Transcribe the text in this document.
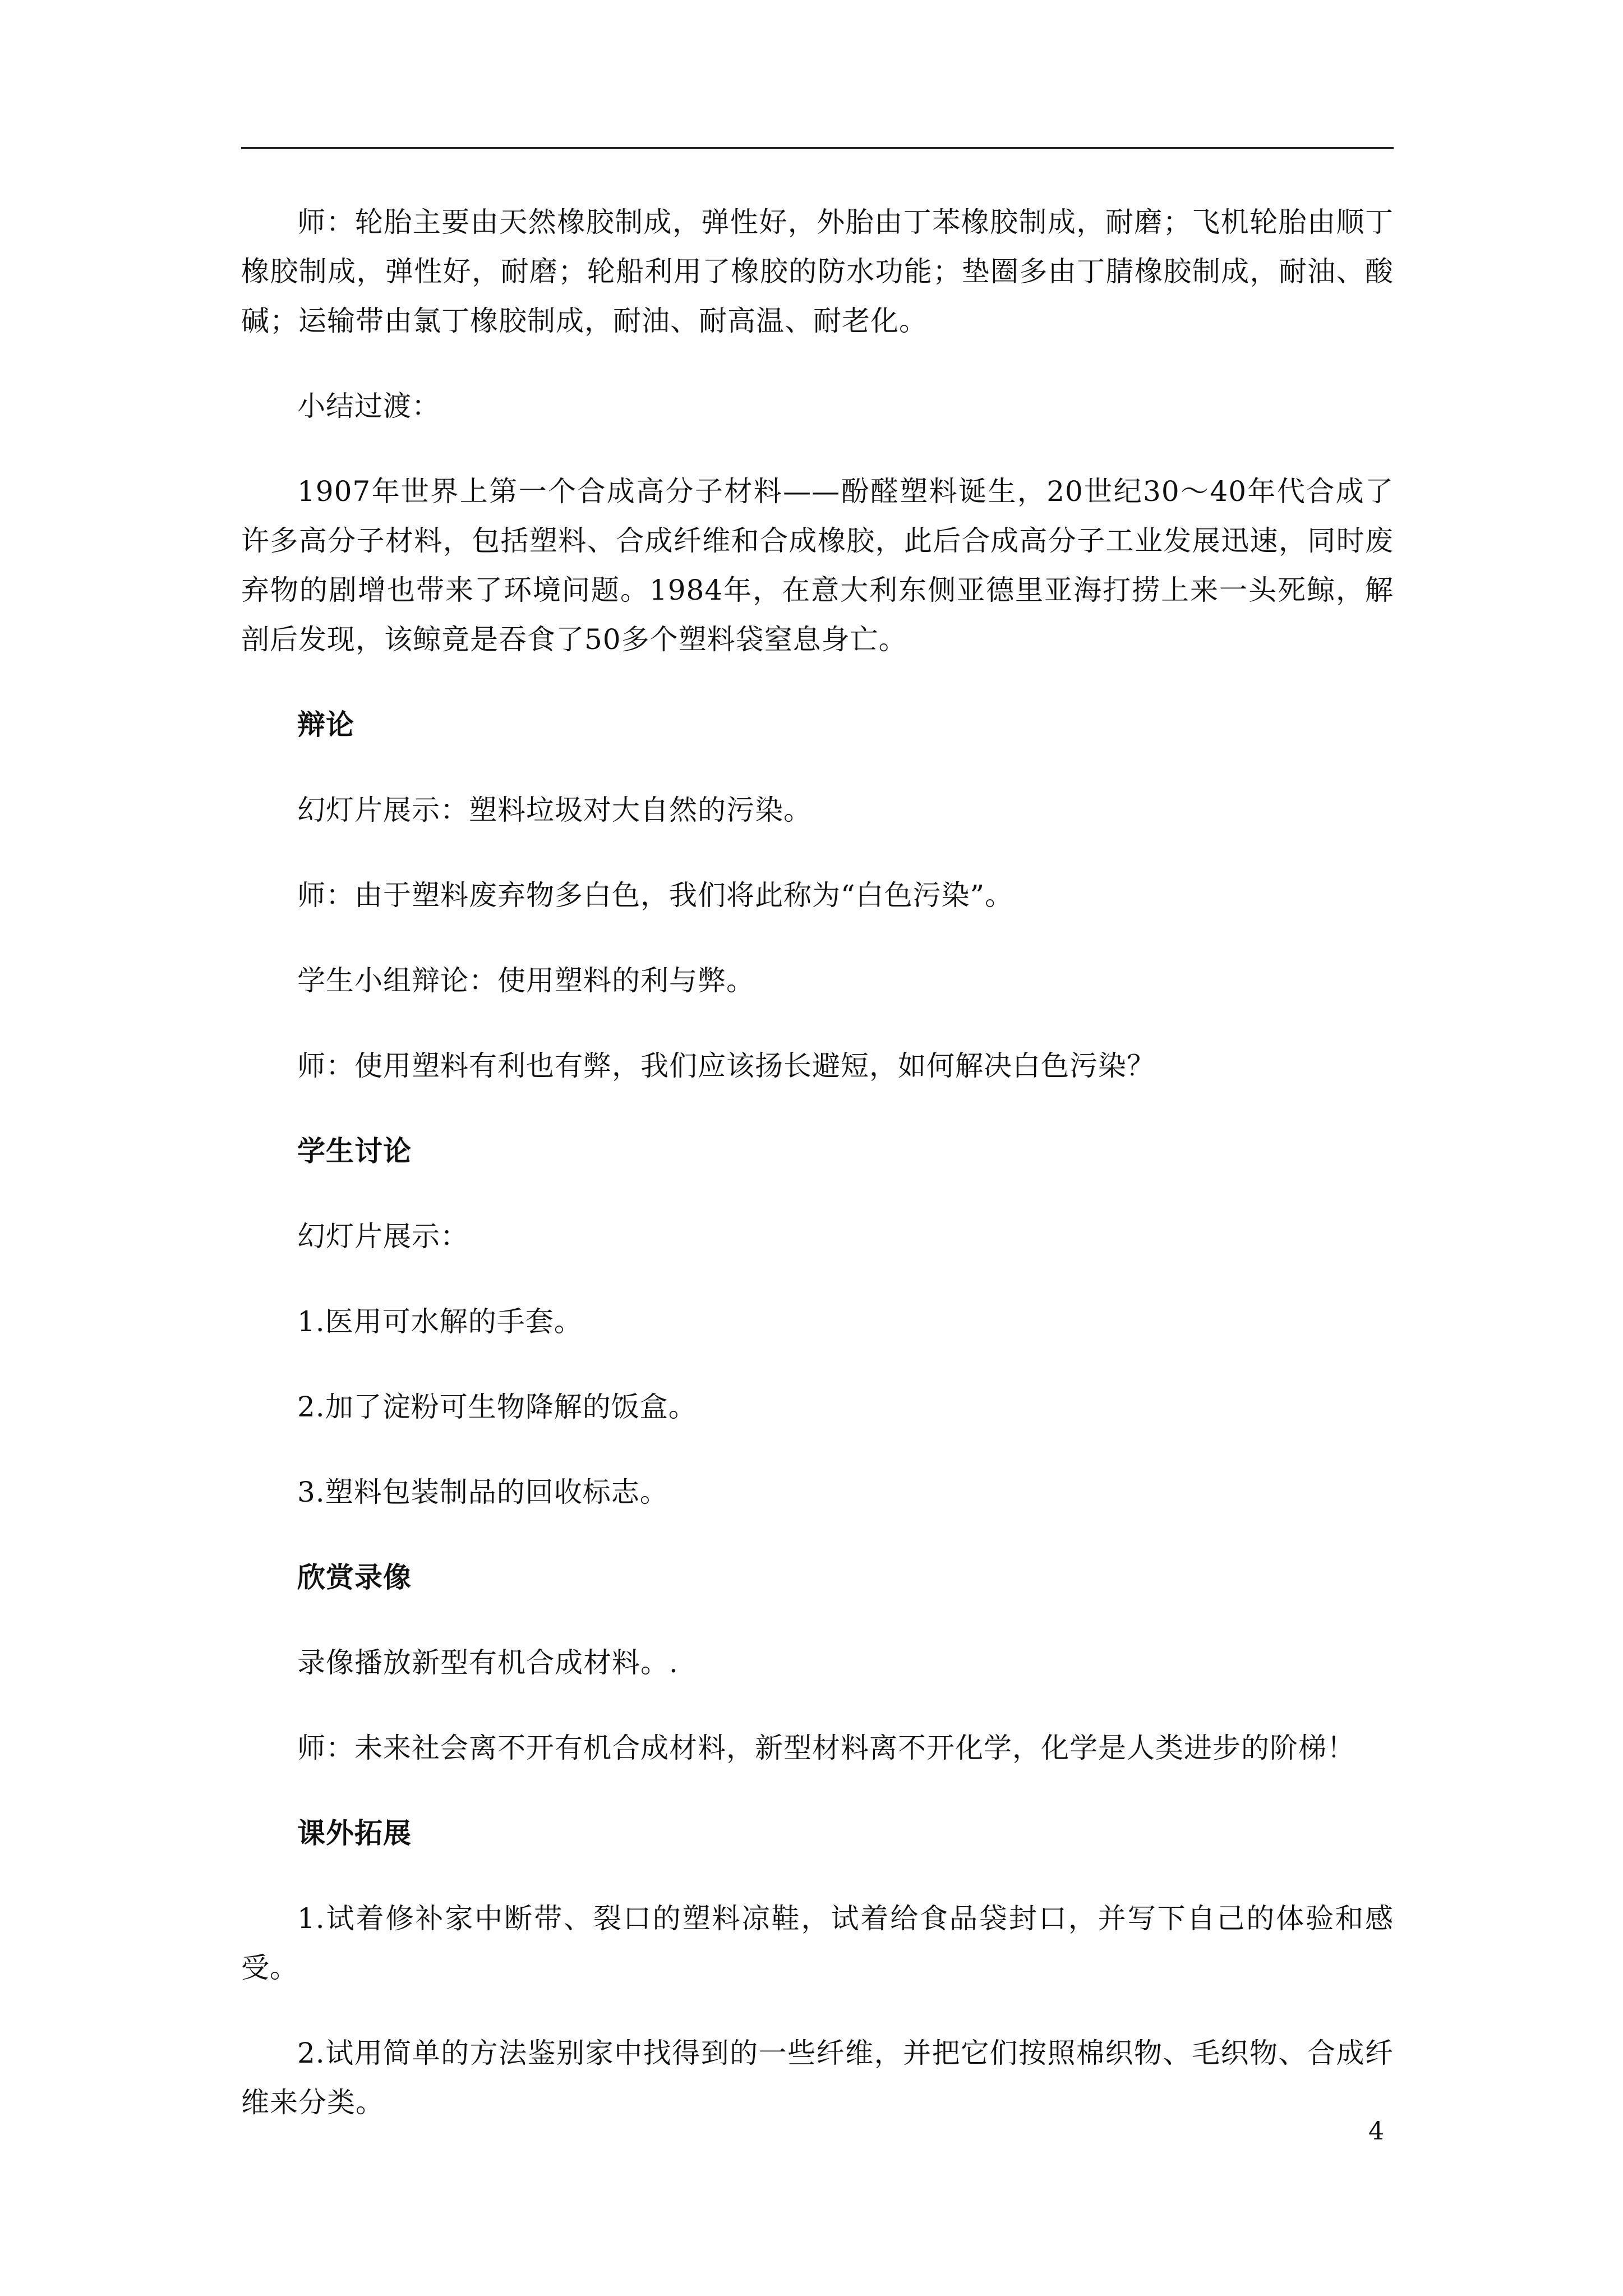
师：轮胎主要由天然橡胶制成，弹性好，外胎由丁苯橡胶制成，耐磨；飞机轮胎由顺丁橡胶制成，弹性好，耐磨；轮船利用了橡胶的防水功能；垫圈多由丁腈橡胶制成，耐油、酸碱；运输带由氯丁橡胶制成，耐油、耐高温、耐老化。

小结过渡：

1907年世界上第一个合成高分子材料——酚醛塑料诞生，20世纪30～40年代合成了许多高分子材料，包括塑料、合成纤维和合成橡胶，此后合成高分子工业发展迅速，同时废弃物的剧增也带来了环境问题。1984年，在意大利东侧亚德里亚海打捞上来一头死鲸，解剖后发现，该鲸竟是吞食了50多个塑料袋窒息身亡。

辩论

幻灯片展示：塑料垃圾对大自然的污染。

师：由于塑料废弃物多白色，我们将此称为“白色污染”。

学生小组辩论：使用塑料的利与弊。

师：使用塑料有利也有弊，我们应该扬长避短，如何解决白色污染？

学生讨论

幻灯片展示：

1.医用可水解的手套。

2.加了淀粉可生物降解的饭盒。

3.塑料包装制品的回收标志。

欣赏录像

录像播放新型有机合成材料。.

师：未来社会离不开有机合成材料，新型材料离不开化学，化学是人类进步的阶梯！

课外拓展

1.试着修补家中断带、裂口的塑料凉鞋，试着给食品袋封口，并写下自己的体验和感受。

2.试用简单的方法鉴别家中找得到的一些纤维，并把它们按照棉织物、毛织物、合成纤维来分类。

4
